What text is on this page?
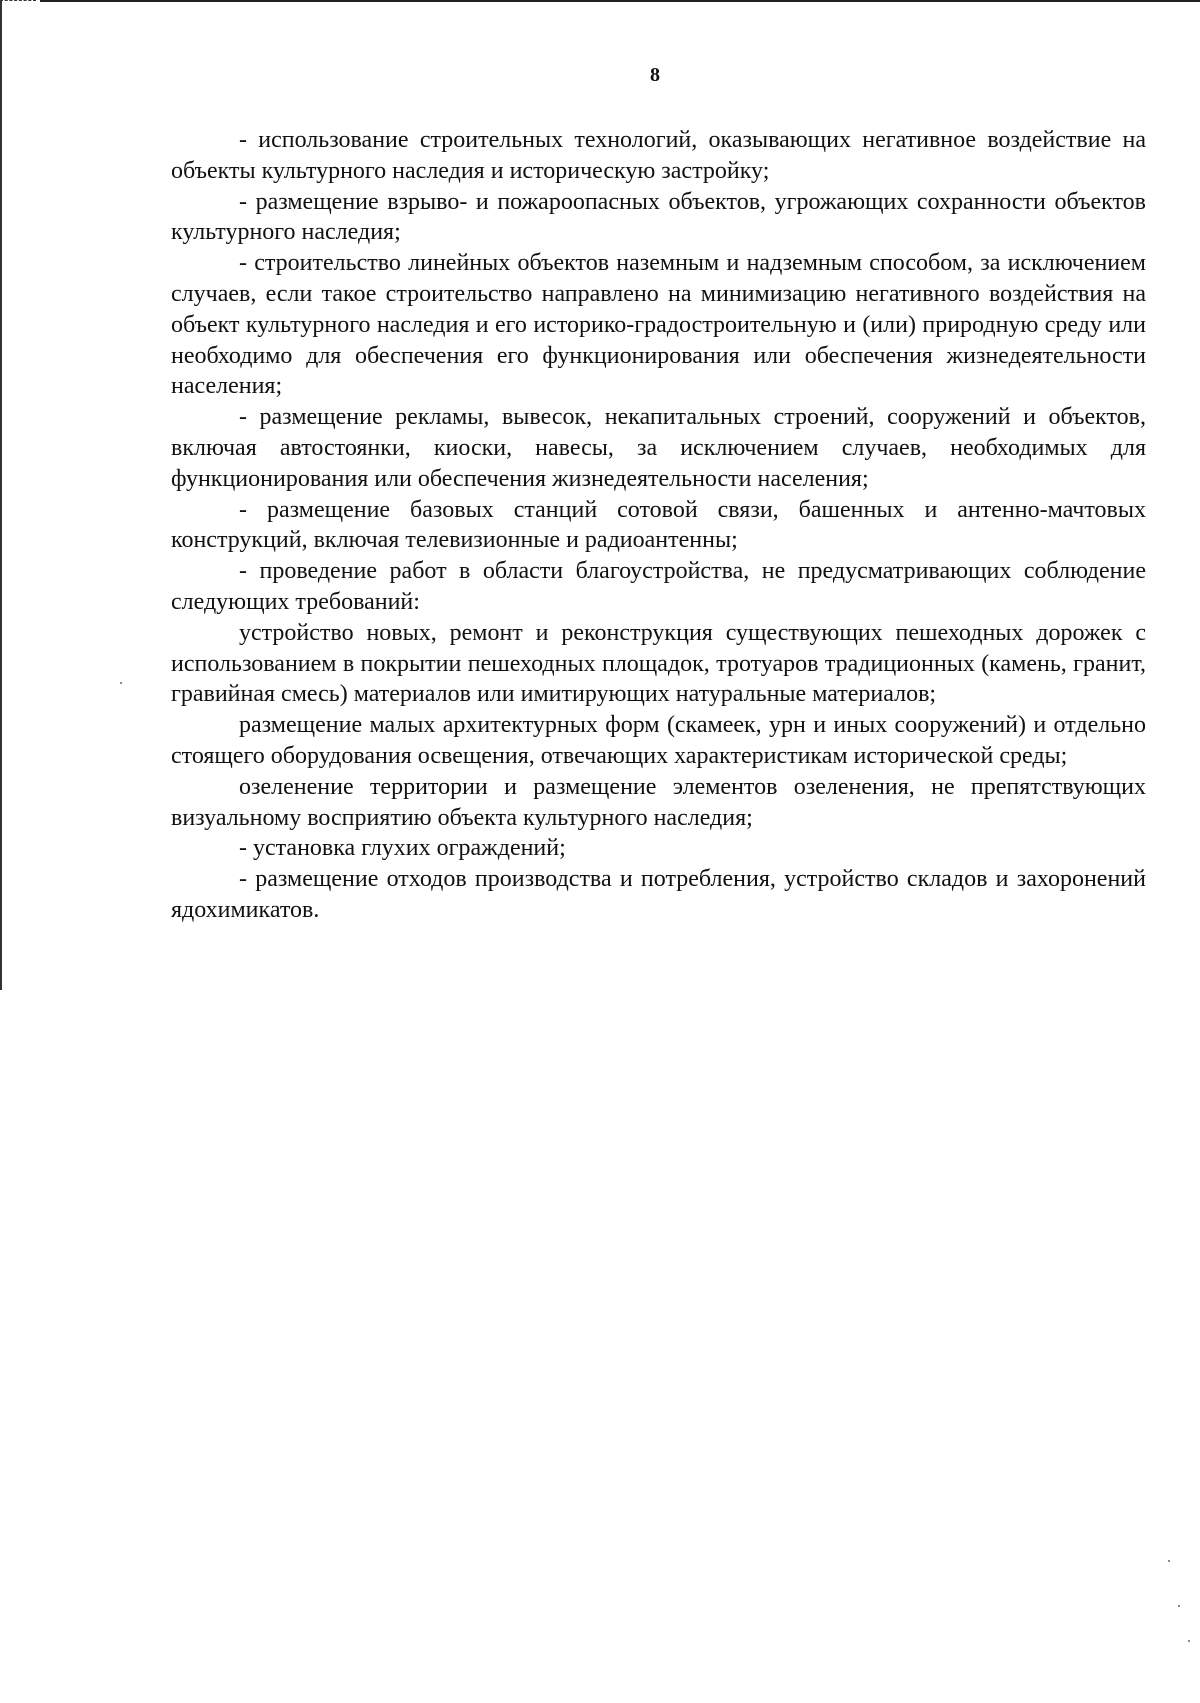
8

- использование строительных технологий, оказывающих негативное воздействие на объекты культурного наследия и историческую застройку;

- размещение взрыво- и пожароопасных объектов, угрожающих сохранности объектов культурного наследия;

- строительство линейных объектов наземным и надземным способом, за исключением случаев, если такое строительство направлено на минимизацию негативного воздействия на объект культурного наследия и его историко-градостроительную и (или) природную среду или необходимо для обеспечения его функционирования или обеспечения жизнедеятельности населения;

- размещение рекламы, вывесок, некапитальных строений, сооружений и объектов, включая автостоянки, киоски, навесы, за исключением случаев, необходимых для функционирования или обеспечения жизнедеятельности населения;

- размещение базовых станций сотовой связи, башенных и антенно-мачтовых конструкций, включая телевизионные и радиоантенны;

- проведение работ в области благоустройства, не предусматривающих соблюдение следующих требований:

устройство новых, ремонт и реконструкция существующих пешеходных дорожек с использованием в покрытии пешеходных площадок, тротуаров традиционных (камень, гранит, гравийная смесь) материалов или имитирующих натуральные материалов;

размещение малых архитектурных форм (скамеек, урн и иных сооружений) и отдельно стоящего оборудования освещения, отвечающих характеристикам исторической среды;

озеленение территории и размещение элементов озеленения, не препятствующих визуальному восприятию объекта культурного наследия;

- установка глухих ограждений;

- размещение отходов производства и потребления, устройство складов и захоронений ядохимикатов.
